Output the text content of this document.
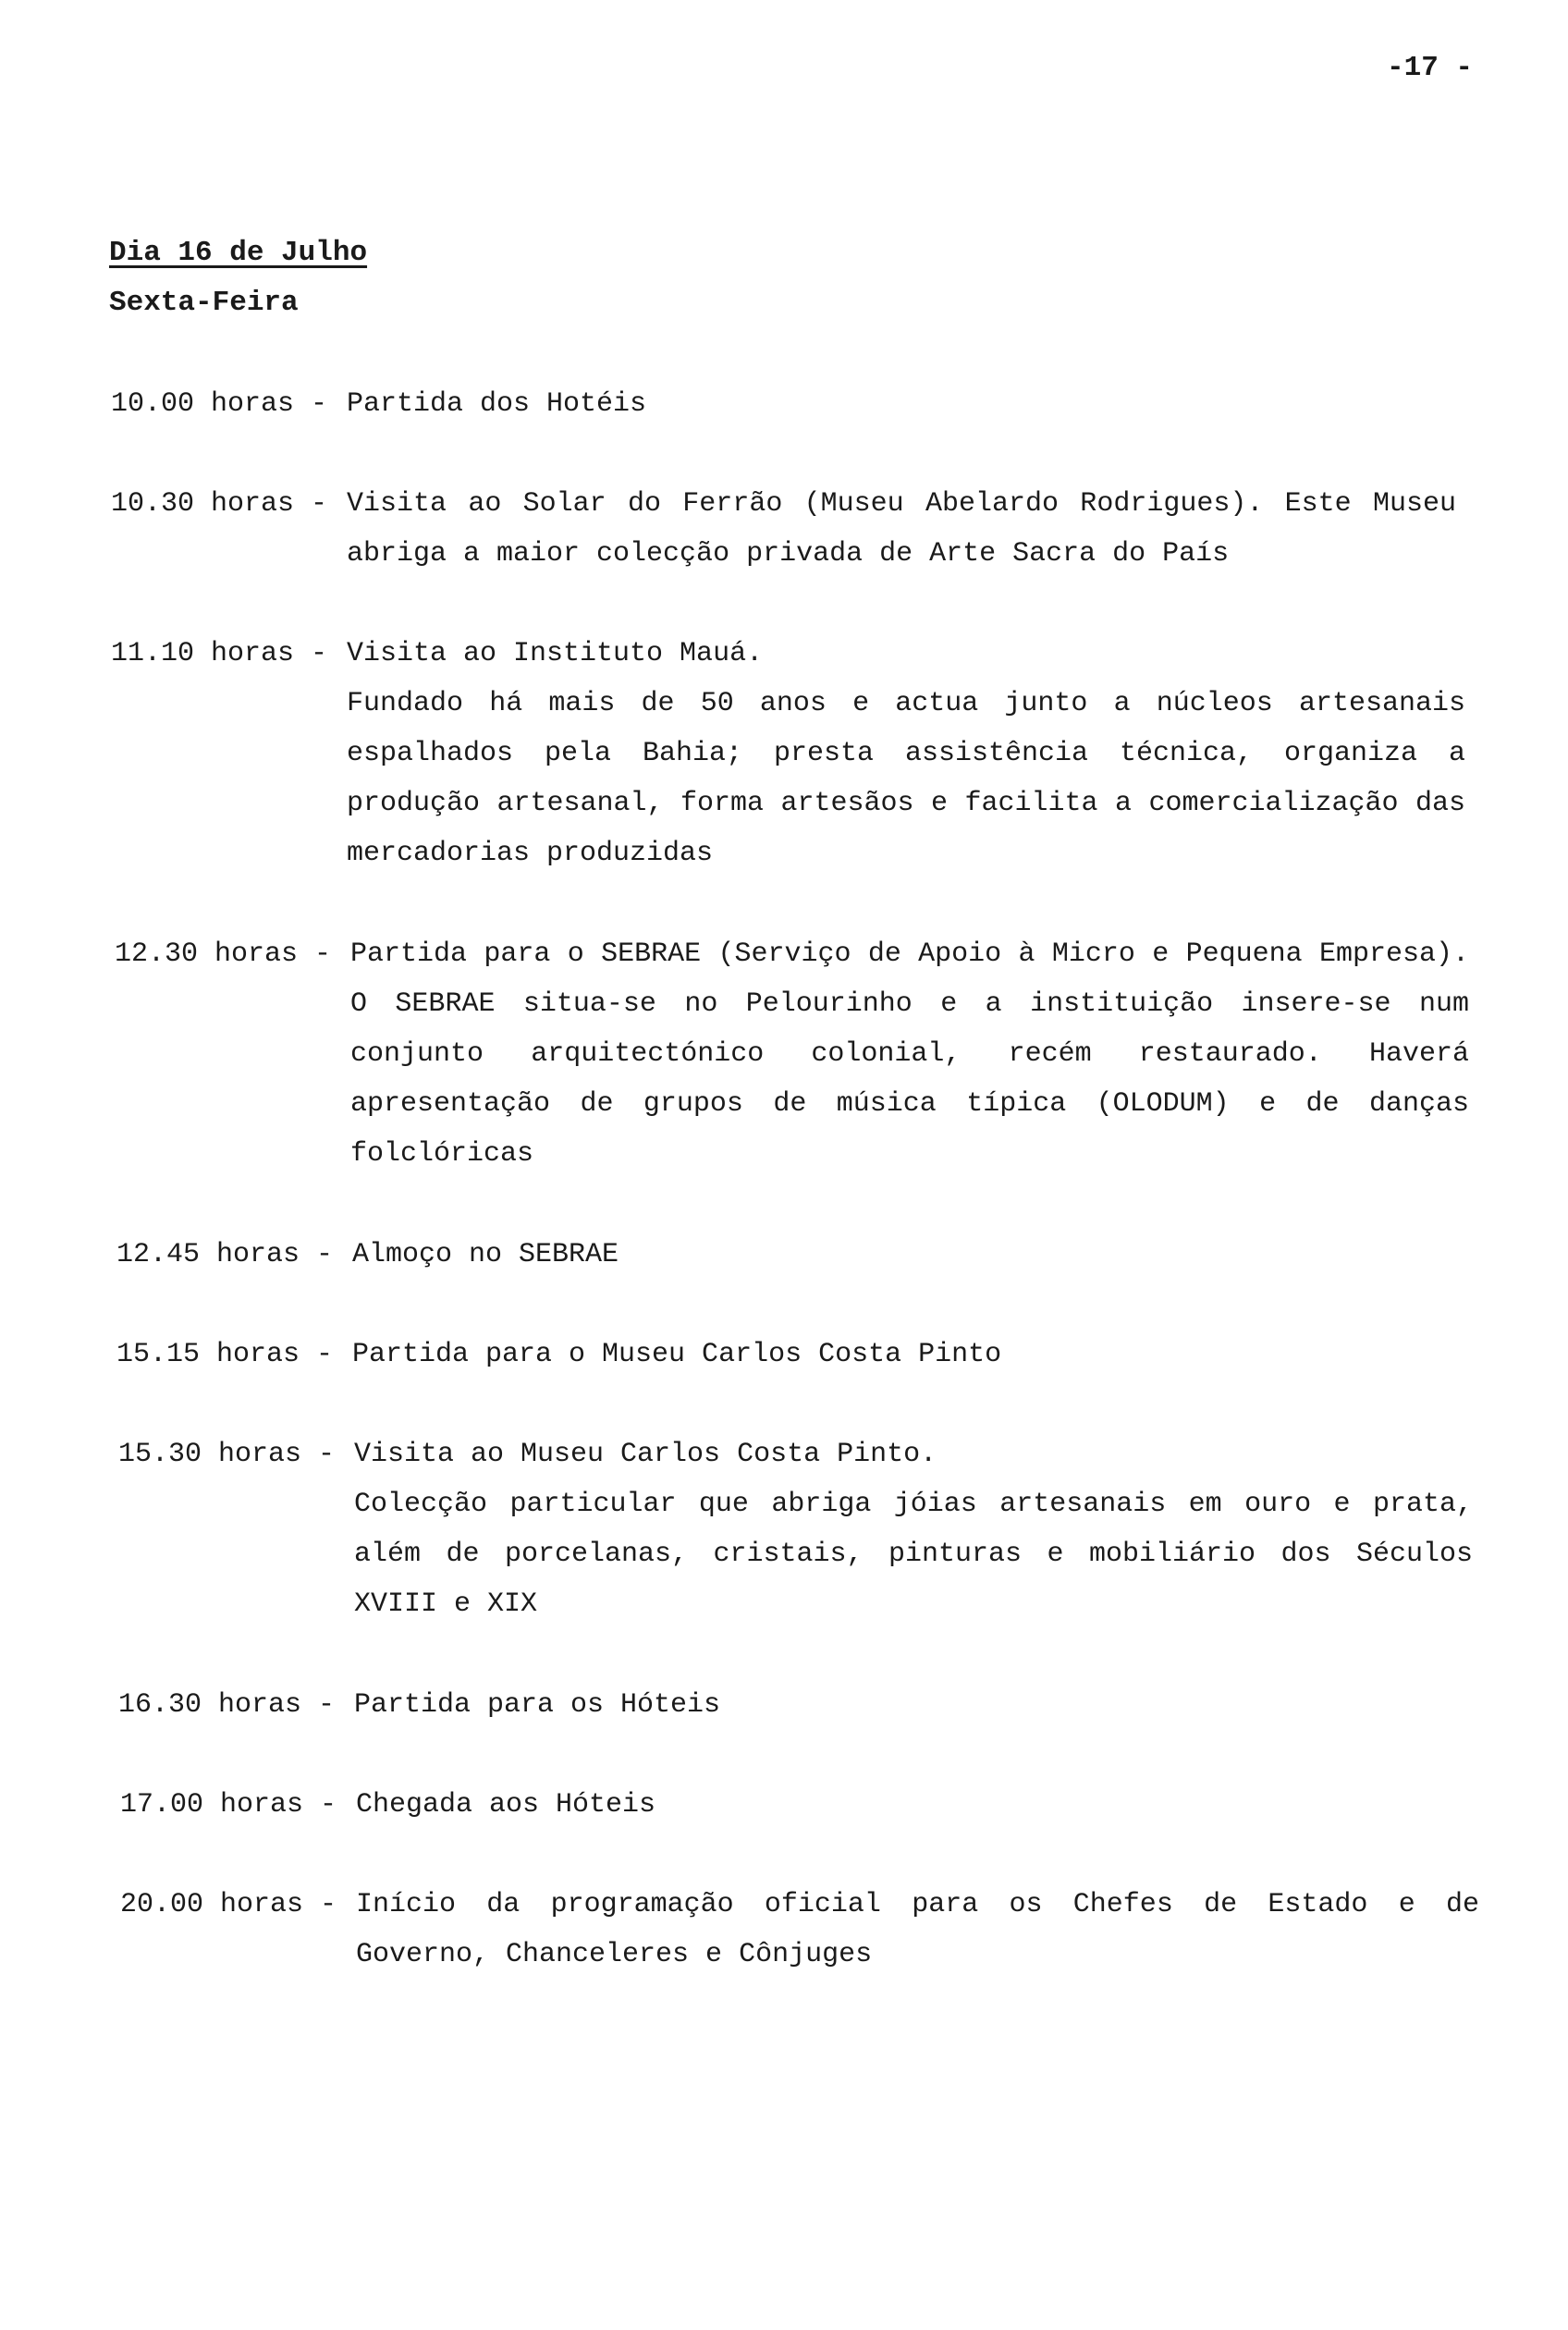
-17 -
Dia 16 de Julho
Sexta-Feira
10.00 horas - Partida dos Hotéis

10.30 horas - Visita ao Solar do Ferrão (Museu Abelardo Rodrigues). Este Museu abriga a maior colecção privada de Arte Sacra do País

11.10 horas - Visita ao Instituto Mauá.

Fundado há mais de 50 anos e actua junto a núcleos artesanais espalhados pela Bahia; presta assistência técnica, organiza a produção artesanal, forma artesãos e facilita a comercialização das mercadorias produzidas

12.30 horas - Partida para o SEBRAE (Serviço de Apoio à Micro e Pequena Empresa). O SEBRAE situa-se no Pelourinho e a instituição insere-se num conjunto arquitectónico colonial, recém restaurado. Haverá apresentação de grupos de música típica (OLODUM) e de danças folclóricas

12.45 horas - Almoço no SEBRAE

15.15 horas - Partida para o Museu Carlos Costa Pinto

15.30 horas - Visita ao Museu Carlos Costa Pinto.

Colecção particular que abriga jóias artesanais em ouro e prata, além de porcelanas, cristais, pinturas e mobiliário dos Séculos XVIII e XIX

16.30 horas - Partida para os Hóteis

17.00 horas - Chegada aos Hóteis

20.00 horas - Início da programação oficial para os Chefes de Estado e de Governo, Chanceleres e Cônjuges
